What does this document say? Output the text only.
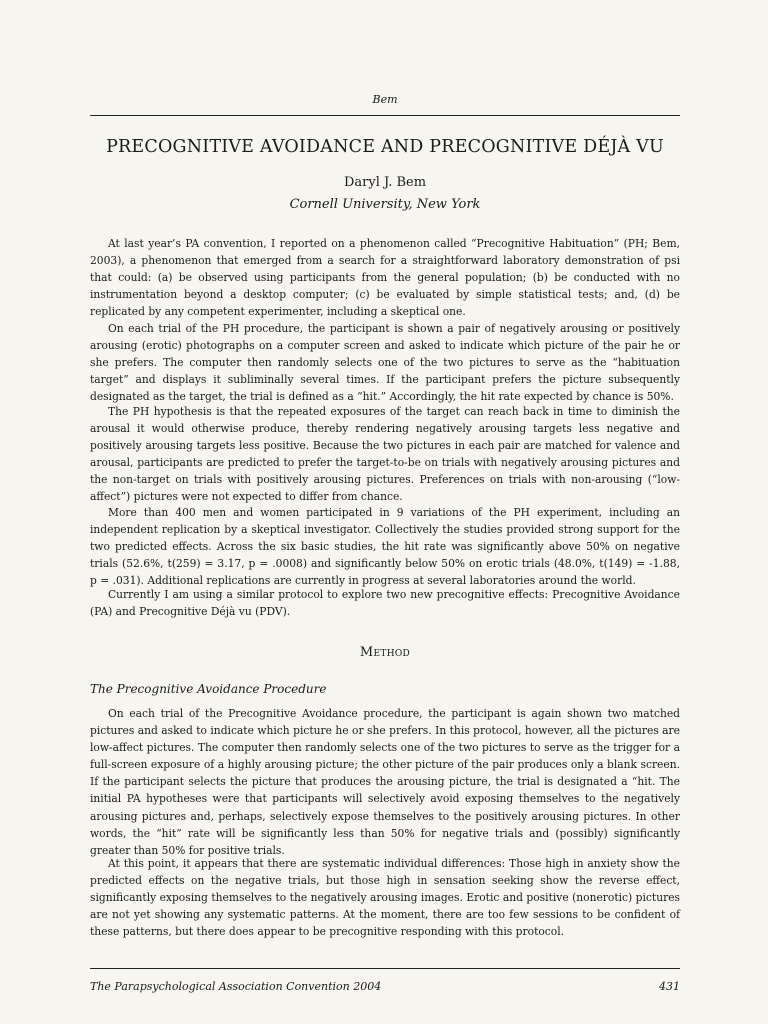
Bem
PRECOGNITIVE AVOIDANCE AND PRECOGNITIVE DÉJÀ VU
Daryl J. Bem
Cornell University, New York

At last year’s PA convention, I reported on a phenomenon called “Precognitive Habituation” (PH; Bem, 2003), a phenomenon that emerged from a search for a straightforward laboratory demonstration of psi that could: (a) be observed using participants from the general population; (b) be conducted with no instrumentation beyond a desktop computer; (c) be evaluated by simple statistical tests; and, (d) be replicated by any competent experimenter, including a skeptical one.

On each trial of the PH procedure, the participant is shown a pair of negatively arousing or positively arousing (erotic) photographs on a computer screen and asked to indicate which picture of the pair he or she prefers. The computer then randomly selects one of the two pictures to serve as the “habituation target” and displays it subliminally several times. If the participant prefers the picture subsequently designated as the target, the trial is defined as a “hit.” Accordingly, the hit rate expected by chance is 50%.

The PH hypothesis is that the repeated exposures of the target can reach back in time to diminish the arousal it would otherwise produce, thereby rendering negatively arousing targets less negative and positively arousing targets less positive. Because the two pictures in each pair are matched for valence and arousal, participants are predicted to prefer the target-to-be on trials with negatively arousing pictures and the non-target on trials with positively arousing pictures. Preferences on trials with non-arousing (“low-affect”) pictures were not expected to differ from chance.

More than 400 men and women participated in 9 variations of the PH experiment, including an independent replication by a skeptical investigator. Collectively the studies provided strong support for the two predicted effects. Across the six basic studies, the hit rate was significantly above 50% on negative trials (52.6%, t(259) = 3.17, p = .0008) and significantly below 50% on erotic trials (48.0%, t(149) = -1.88, p = .031). Additional replications are currently in progress at several laboratories around the world.

Currently I am using a similar protocol to explore two new precognitive effects: Precognitive Avoidance (PA) and Precognitive Déjà vu (PDV).

Method
The Precognitive Avoidance Procedure

On each trial of the Precognitive Avoidance procedure, the participant is again shown two matched pictures and asked to indicate which picture he or she prefers. In this protocol, however, all the pictures are low-affect pictures. The computer then randomly selects one of the two pictures to serve as the trigger for a full-screen exposure of a highly arousing picture; the other picture of the pair produces only a blank screen. If the participant selects the picture that produces the arousing picture, the trial is designated a “hit. The initial PA hypotheses were that participants will selectively avoid exposing themselves to the negatively arousing pictures and, perhaps, selectively expose themselves to the positively arousing pictures. In other words, the “hit” rate will be significantly less than 50% for negative trials and (possibly) significantly greater than 50% for positive trials.

At this point, it appears that there are systematic individual differences: Those high in anxiety show the predicted effects on the negative trials, but those high in sensation seeking show the reverse effect, significantly exposing themselves to the negatively arousing images. Erotic and positive (nonerotic) pictures are not yet showing any systematic patterns. At the moment, there are too few sessions to be confident of these patterns, but there does appear to be precognitive responding with this protocol.

The Parapsychological Association Convention 2004	431
